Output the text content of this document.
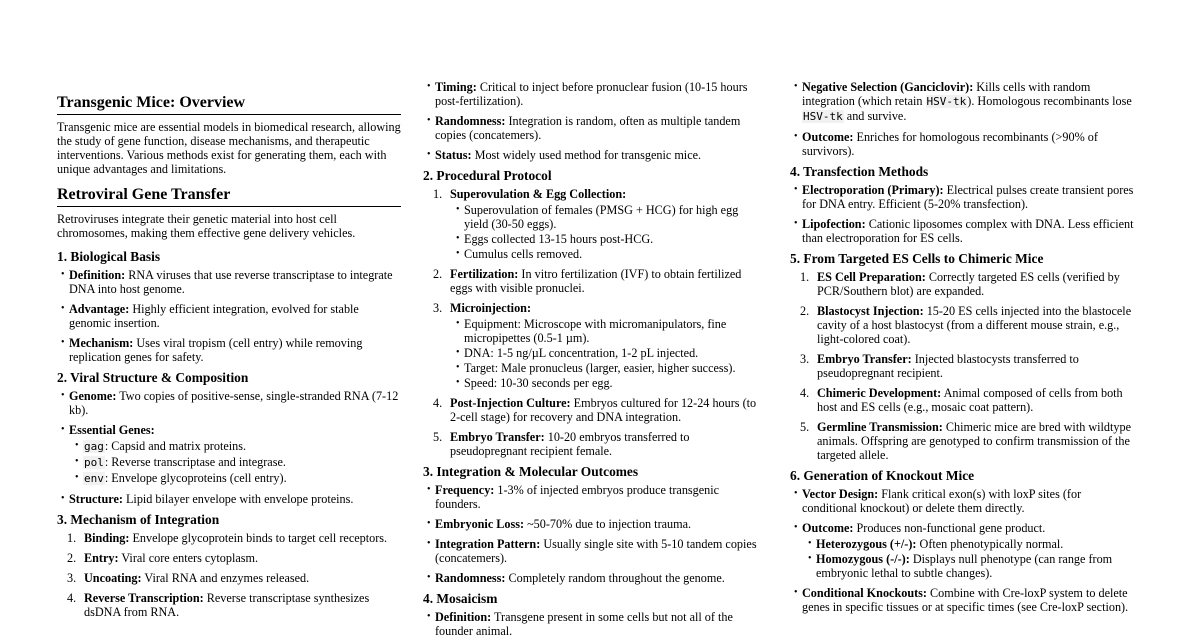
Transgenic Mice: Overview

Transgenic mice are essential models in biomedical research, allowing the study of gene function, disease mechanisms, and therapeutic interventions. Various methods exist for generating them, each with unique advantages and limitations.

Retroviral Gene Transfer

Retroviruses integrate their genetic material into host cell chromosomes, making them effective gene delivery vehicles.

1. Biological Basis
• Definition: RNA viruses that use reverse transcriptase to integrate DNA into host genome.
• Advantage: Highly efficient integration, evolved for stable genomic insertion.
• Mechanism: Uses viral tropism (cell entry) while removing replication genes for safety.
2. Viral Structure & Composition
• Genome: Two copies of positive-sense, single-stranded RNA (7-12 kb).
• Essential Genes:
• gag: Capsid and matrix proteins.
• pol: Reverse transcriptase and integrase.
• env: Envelope glycoproteins (cell entry).
• Structure: Lipid bilayer envelope with envelope proteins.
3. Mechanism of Integration
1. Binding: Envelope glycoprotein binds to target cell receptors.
2. Entry: Viral core enters cytoplasm.
3. Uncoating: Viral RNA and enzymes released.
4. Reverse Transcription: Reverse transcriptase synthesizes dsDNA from RNA.
• Timing: Critical to inject before pronuclear fusion (10-15 hours post-fertilization).
• Randomness: Integration is random, often as multiple tandem copies (concatemers).
• Status: Most widely used method for transgenic mice.
2. Procedural Protocol
1. Superovulation & Egg Collection:
• Superovulation of females (PMSG + HCG) for high egg yield (30-50 eggs).
• Eggs collected 13-15 hours post-HCG.
• Cumulus cells removed.
2. Fertilization: In vitro fertilization (IVF) to obtain fertilized eggs with visible pronuclei.
3. Microinjection:
• Equipment: Microscope with micromanipulators, fine micropipettes (0.5-1 µm).
• DNA: 1-5 ng/µL concentration, 1-2 pL injected.
• Target: Male pronucleus (larger, easier, higher success).
• Speed: 10-30 seconds per egg.
4. Post-Injection Culture: Embryos cultured for 12-24 hours (to 2-cell stage) for recovery and DNA integration.
5. Embryo Transfer: 10-20 embryos transferred to pseudopregnant recipient female.
3. Integration & Molecular Outcomes
• Frequency: 1-3% of injected embryos produce transgenic founders.
• Embryonic Loss: ~50-70% due to injection trauma.
• Integration Pattern: Usually single site with 5-10 tandem copies (concatemers).
• Randomness: Completely random throughout the genome.
4. Mosaicism
• Definition: Transgene present in some cells but not all of the founder animal.
• Negative Selection (Ganciclovir): Kills cells with random integration (which retain HSV-tk). Homologous recombinants lose HSV-tk and survive.
• Outcome: Enriches for homologous recombinants (>90% of survivors).
4. Transfection Methods
• Electroporation (Primary): Electrical pulses create transient pores for DNA entry. Efficient (5-20% transfection).
• Lipofection: Cationic liposomes complex with DNA. Less efficient than electroporation for ES cells.
5. From Targeted ES Cells to Chimeric Mice
1. ES Cell Preparation: Correctly targeted ES cells (verified by PCR/Southern blot) are expanded.
2. Blastocyst Injection: 15-20 ES cells injected into the blastocele cavity of a host blastocyst (from a different mouse strain, e.g., light-colored coat).
3. Embryo Transfer: Injected blastocysts transferred to pseudopregnant recipient.
4. Chimeric Development: Animal composed of cells from both host and ES cells (e.g., mosaic coat pattern).
5. Germline Transmission: Chimeric mice are bred with wildtype animals. Offspring are genotyped to confirm transmission of the targeted allele.
6. Generation of Knockout Mice
• Vector Design: Flank critical exon(s) with loxP sites (for conditional knockout) or delete them directly.
• Outcome: Produces non-functional gene product.
• Heterozygous (+/-): Often phenotypically normal.
• Homozygous (-/-): Displays null phenotype (can range from embryonic lethal to subtle changes).
• Conditional Knockouts: Combine with Cre-loxP system to delete genes in specific tissues or at specific times (see Cre-loxP section).
